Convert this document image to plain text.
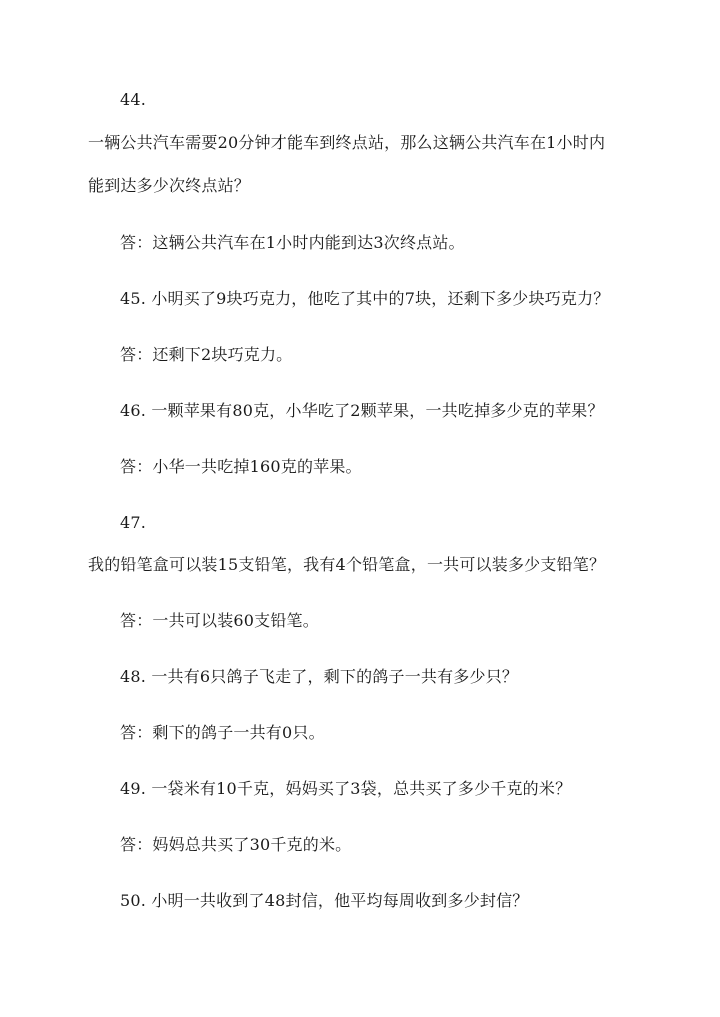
44.
一辆公共汽车需要20分钟才能车到终点站，那么这辆公共汽车在1小时内
能到达多少次终点站？
答：这辆公共汽车在1小时内能到达3次终点站。
45. 小明买了9块巧克力，他吃了其中的7块，还剩下多少块巧克力？
答：还剩下2块巧克力。
46. 一颗苹果有80克，小华吃了2颗苹果，一共吃掉多少克的苹果？
答：小华一共吃掉160克的苹果。
47.
我的铅笔盒可以装15支铅笔，我有4个铅笔盒，一共可以装多少支铅笔？
答：一共可以装60支铅笔。
48. 一共有6只鸽子飞走了，剩下的鸽子一共有多少只？
答：剩下的鸽子一共有0只。
49. 一袋米有10千克，妈妈买了3袋，总共买了多少千克的米？
答：妈妈总共买了30千克的米。
50. 小明一共收到了48封信，他平均每周收到多少封信？
